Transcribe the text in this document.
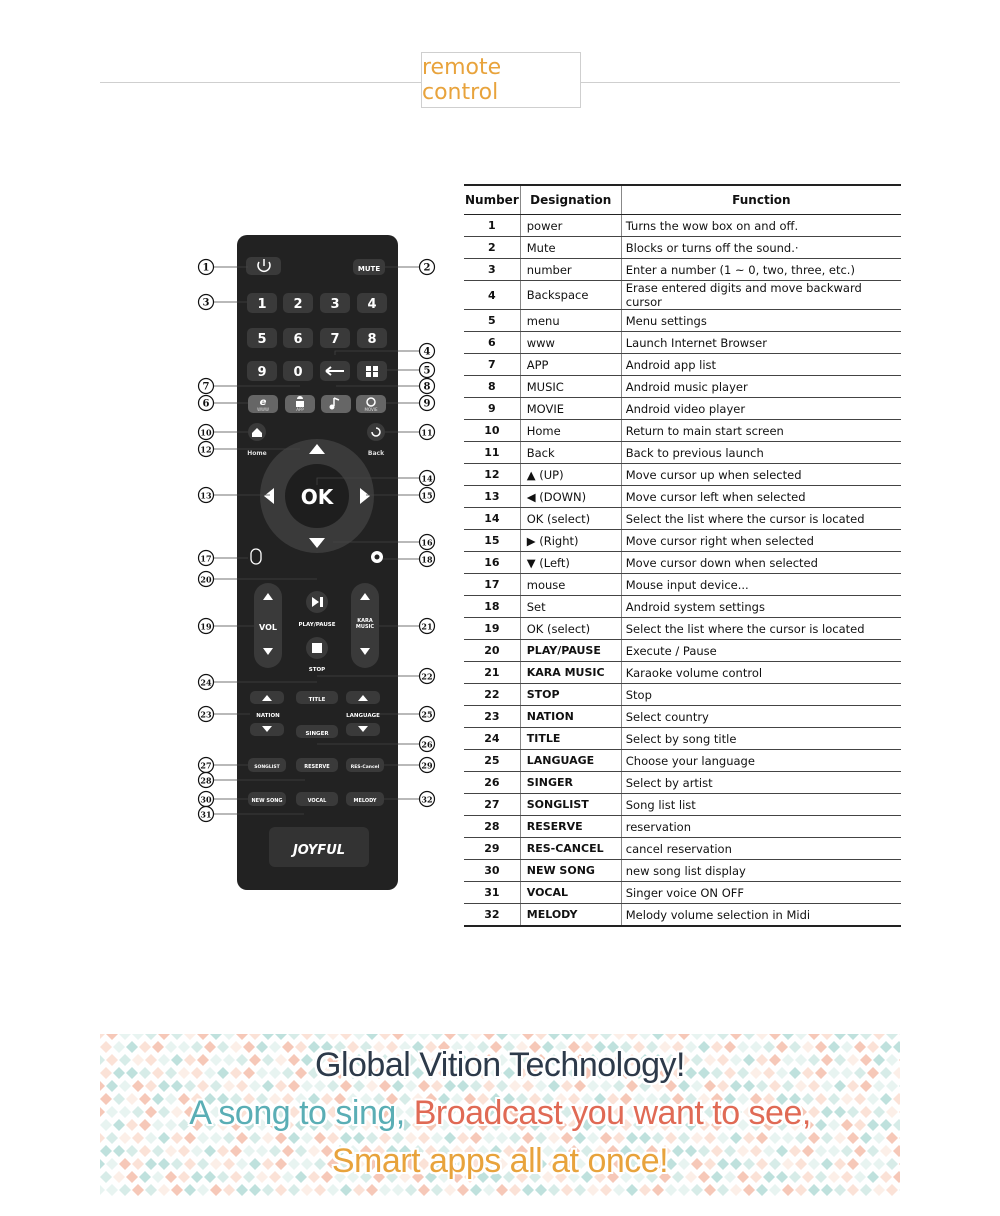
remote control
MUTE
1 2 3 4
5 6 7 8
9 0
WWW
e
APP	MOVIE
Home	Back
OK
VOL
KARA MUSIC
PLAY/PAUSE
STOP
NATION
TITLE
LANGUAGE
SINGER
SONGLIST	RESERVE	RES-Cancel
NEW SONG	VOCAL	MELODY
JOYFUL
1	2
3
4
5
6
7	8
9
10	11
12
13
14
15
16
17	18
19
20
21
22
23
24
25
26
27
28
29
30
31
32
Number	Designation	Function
1	power	Turns the wow box on and off.
2	Mute	Blocks or turns off the sound.·
3	number	Enter a number (1 ~ 0, two, three, etc.)
4	Backspace	Erase entered digits and move backward cursor
5	menu	Menu settings
6	www	Launch Internet Browser
7	APP	Android app list
8	MUSIC	Android music player
9	MOVIE	Android video player
10	Home	Return to main start screen
11	Back	Back to previous launch
12	▲ (UP)	Move cursor up when selected
13	◀ (DOWN)	Move cursor left when selected
14	OK (select)	Select the list where the cursor is located
15	▶ (Right)	Move cursor right when selected
16	▼ (Left)	Move cursor down when selected
17	mouse	Mouse input device...
18	Set	Android system settings
19	OK (select)	Select the list where the cursor is located
20	PLAY/PAUSE	Execute / Pause
21	KARA MUSIC	Karaoke volume control
22	STOP	Stop
23	NATION	Select country
24	TITLE	Select by song title
25	LANGUAGE	Choose your language
26	SINGER	Select by artist
27	SONGLIST	Song list list
28	RESERVE	reservation
29	RES-CANCEL	cancel reservation
30	NEW SONG	new song list display
31	VOCAL	Singer voice ON OFF
32	MELODY	Melody volume selection in Midi
Global Vition Technology!
A song to sing, Broadcast you want to see,
Smart apps all at once!
